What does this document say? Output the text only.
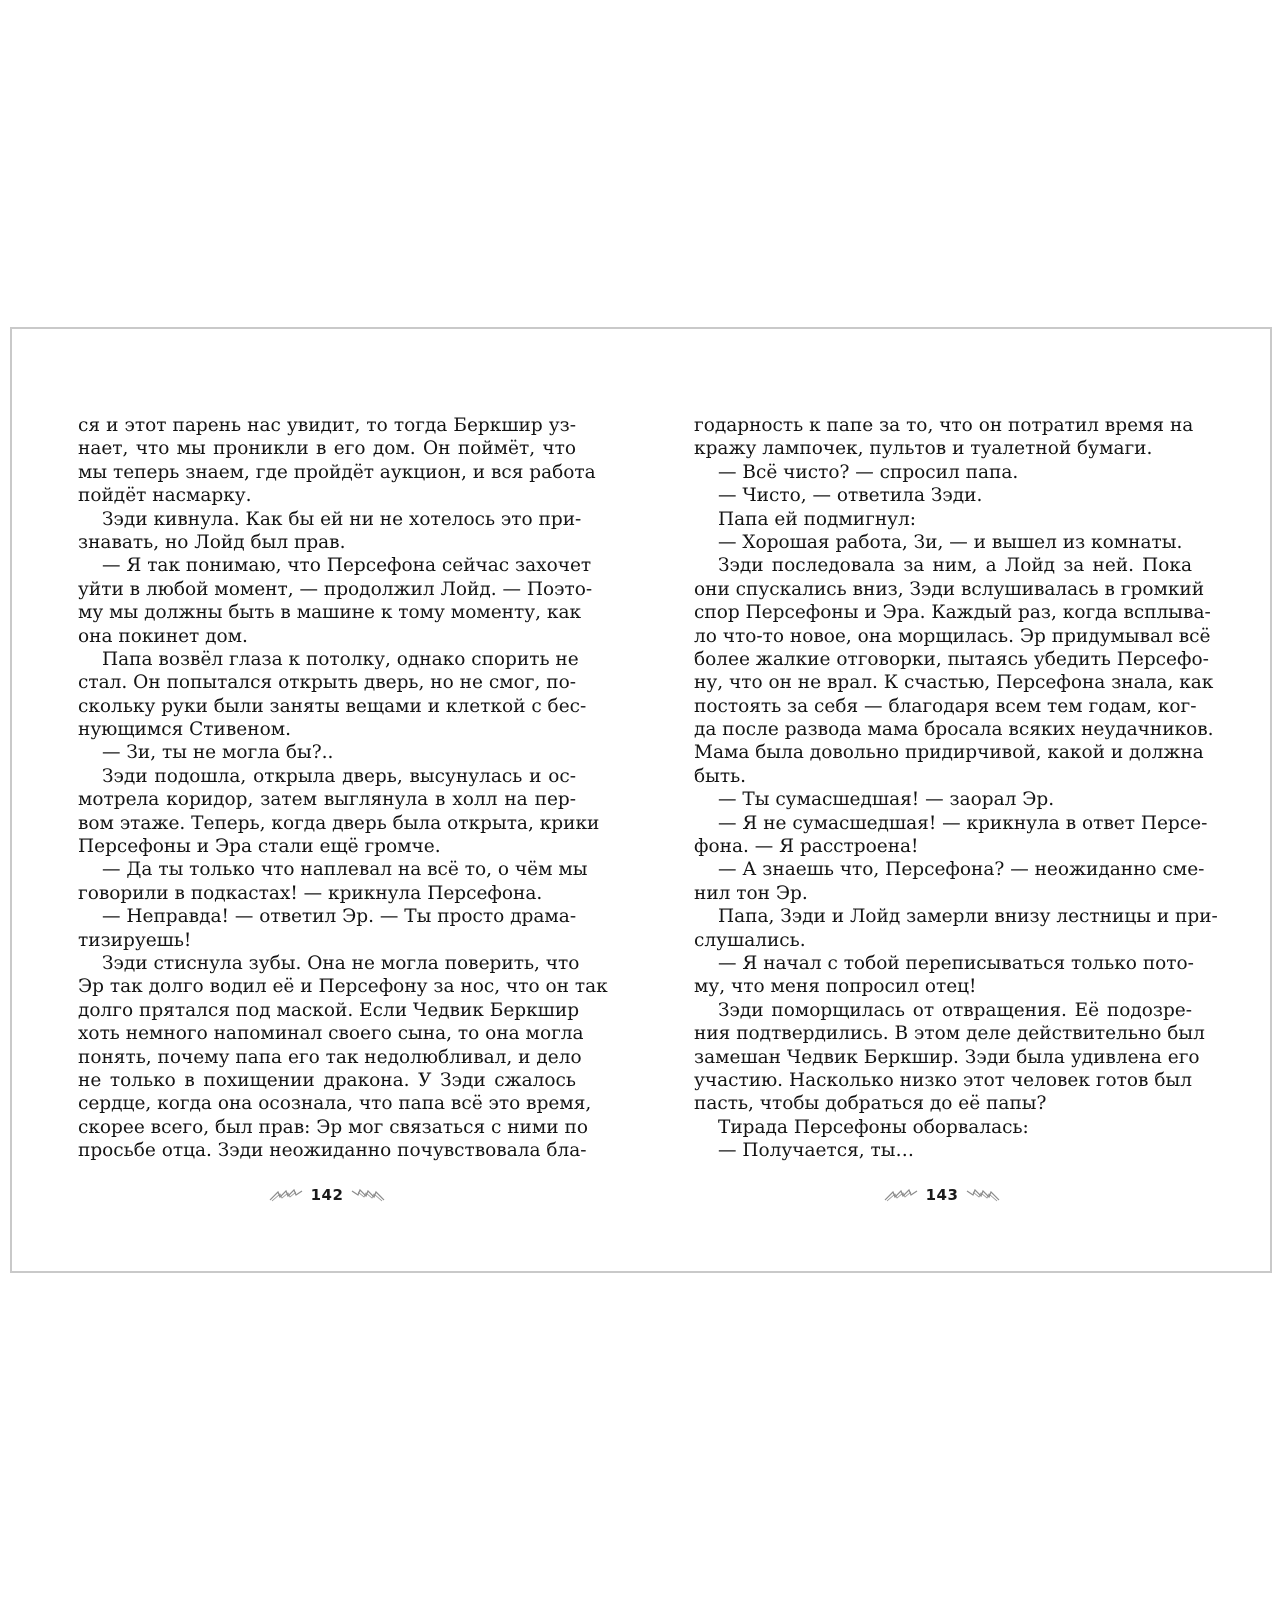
ся и этот парень нас увидит, то тогда Беркшир уз-
нает, что мы проникли в его дом. Он поймёт, что
мы теперь знаем, где пройдёт аукцион, и вся работа
пойдёт насмарку.
Зэди кивнула. Как бы ей ни не хотелось это при-
знавать, но Лойд был прав.
— Я так понимаю, что Персефона сейчас захочет
уйти в любой момент, — продолжил Лойд. — Поэто-
му мы должны быть в машине к тому моменту, как
она покинет дом.
Папа возвёл глаза к потолку, однако спорить не
стал. Он попытался открыть дверь, но не смог, по-
скольку руки были заняты вещами и клеткой с бес-
нующимся Стивеном.
— Зи, ты не могла бы?..
Зэди подошла, открыла дверь, высунулась и ос-
мотрела коридор, затем выглянула в холл на пер-
вом этаже. Теперь, когда дверь была открыта, крики
Персефоны и Эра стали ещё громче.
— Да ты только что наплевал на всё то, о чём мы
говорили в подкастах! — крикнула Персефона.
— Неправда! — ответил Эр. — Ты просто драма-
тизируешь!
Зэди стиснула зубы. Она не могла поверить, что
Эр так долго водил её и Персефону за нос, что он так
долго прятался под маской. Если Чедвик Беркшир
хоть немного напоминал своего сына, то она могла
понять, почему папа его так недолюбливал, и дело
не только в похищении дракона. У Зэди сжалось
сердце, когда она осознала, что папа всё это время,
скорее всего, был прав: Эр мог связаться с ними по
просьбе отца. Зэди неожиданно почувствовала бла-
годарность к папе за то, что он потратил время на
кражу лампочек, пультов и туалетной бумаги.
— Всё чисто? — спросил папа.
— Чисто, — ответила Зэди.
Папа ей подмигнул:
— Хорошая работа, Зи, — и вышел из комнаты.
Зэди последовала за ним, а Лойд за ней. Пока
они спускались вниз, Зэди вслушивалась в громкий
спор Персефоны и Эра. Каждый раз, когда всплыва-
ло что-то новое, она морщилась. Эр придумывал всё
более жалкие отговорки, пытаясь убедить Персефо-
ну, что он не врал. К счастью, Персефона знала, как
постоять за себя — благодаря всем тем годам, ког-
да после развода мама бросала всяких неудачников.
Мама была довольно придирчивой, какой и должна
быть.
— Ты сумасшедшая! — заорал Эр.
— Я не сумасшедшая! — крикнула в ответ Персе-
фона. — Я расстроена!
— А знаешь что, Персефона? — неожиданно сме-
нил тон Эр.
Папа, Зэди и Лойд замерли внизу лестницы и при-
слушались.
— Я начал с тобой переписываться только пото-
му, что меня попросил отец!
Зэди поморщилась от отвращения. Её подозре-
ния подтвердились. В этом деле действительно был
замешан Чедвик Беркшир. Зэди была удивлена его
участию. Насколько низко этот человек готов был
пасть, чтобы добраться до её папы?
Тирада Персефоны оборвалась:
— Получается, ты…
142	143
